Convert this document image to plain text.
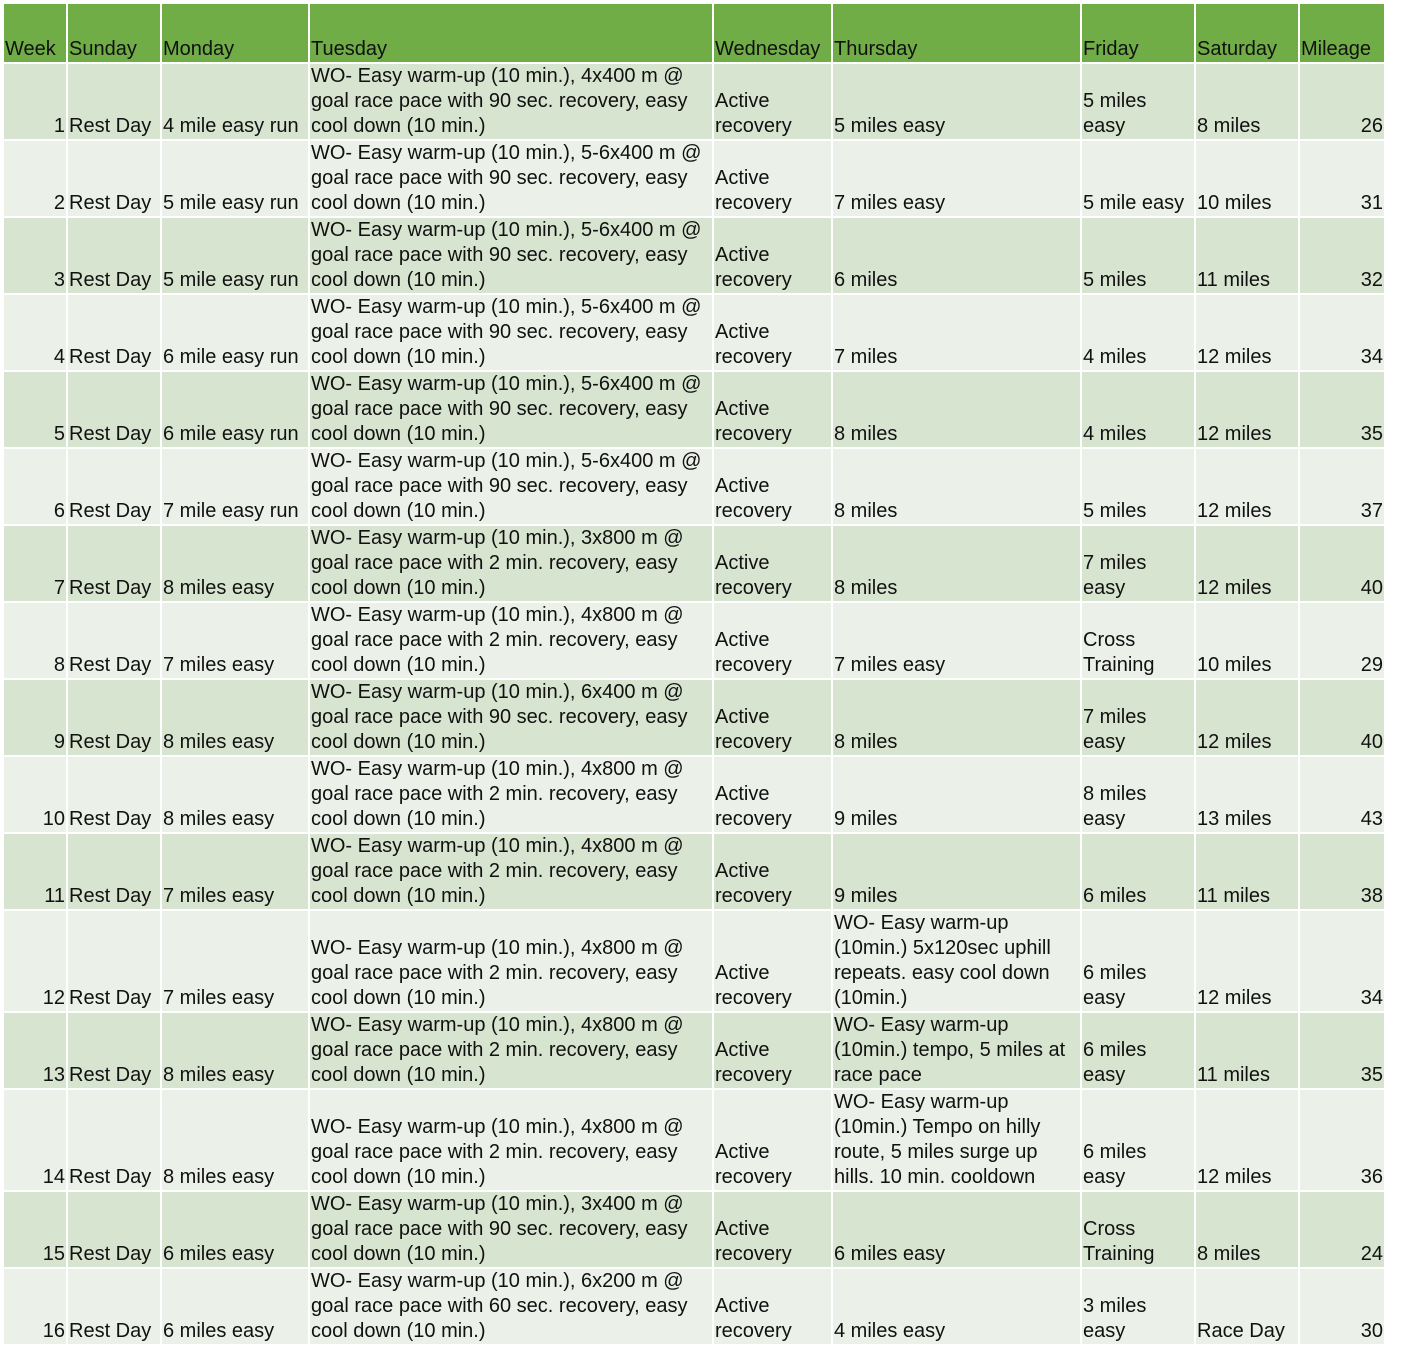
Week	Sunday	Monday	Tuesday	Wednesday	Thursday	Friday	Saturday	Mileage
1	Rest Day	4 mile easy run	WO- Easy warm-up (10 min.), 4x400 m @ goal race pace with 90 sec. recovery, easy cool down (10 min.)	Active recovery	5 miles easy	5 miles easy	8 miles	26
2	Rest Day	5 mile easy run	WO- Easy warm-up (10 min.), 5-6x400 m @ goal race pace with 90 sec. recovery, easy cool down (10 min.)	Active recovery	7 miles easy	5 mile easy	10 miles	31
3	Rest Day	5 mile easy run	WO- Easy warm-up (10 min.), 5-6x400 m @ goal race pace with 90 sec. recovery, easy cool down (10 min.)	Active recovery	6 miles	5 miles	11 miles	32
4	Rest Day	6 mile easy run	WO- Easy warm-up (10 min.), 5-6x400 m @ goal race pace with 90 sec. recovery, easy cool down (10 min.)	Active recovery	7 miles	4 miles	12 miles	34
5	Rest Day	6 mile easy run	WO- Easy warm-up (10 min.), 5-6x400 m @ goal race pace with 90 sec. recovery, easy cool down (10 min.)	Active recovery	8 miles	4 miles	12 miles	35
6	Rest Day	7 mile easy run	WO- Easy warm-up (10 min.), 5-6x400 m @ goal race pace with 90 sec. recovery, easy cool down (10 min.)	Active recovery	8 miles	5 miles	12 miles	37
7	Rest Day	8 miles easy	WO- Easy warm-up (10 min.), 3x800 m @ goal race pace with 2 min. recovery, easy cool down (10 min.)	Active recovery	8 miles	7 miles easy	12 miles	40
8	Rest Day	7 miles easy	WO- Easy warm-up (10 min.), 4x800 m @ goal race pace with 2 min. recovery, easy cool down (10 min.)	Active recovery	7 miles easy	Cross Training	10 miles	29
9	Rest Day	8 miles easy	WO- Easy warm-up (10 min.), 6x400 m @ goal race pace with 90 sec. recovery, easy cool down (10 min.)	Active recovery	8 miles	7 miles easy	12 miles	40
10	Rest Day	8 miles easy	WO- Easy warm-up (10 min.), 4x800 m @ goal race pace with 2 min. recovery, easy cool down (10 min.)	Active recovery	9 miles	8 miles easy	13 miles	43
11	Rest Day	7 miles easy	WO- Easy warm-up (10 min.), 4x800 m @ goal race pace with 2 min. recovery, easy cool down (10 min.)	Active recovery	9 miles	6 miles	11 miles	38
12	Rest Day	7 miles easy	WO- Easy warm-up (10 min.), 4x800 m @ goal race pace with 2 min. recovery, easy cool down (10 min.)	Active recovery	WO- Easy warm-up (10min.) 5x120sec uphill repeats. easy cool down (10min.)	6 miles easy	12 miles	34
13	Rest Day	8 miles easy	WO- Easy warm-up (10 min.), 4x800 m @ goal race pace with 2 min. recovery, easy cool down (10 min.)	Active recovery	WO- Easy warm-up (10min.) tempo, 5 miles at race pace	6 miles easy	11 miles	35
14	Rest Day	8 miles easy	WO- Easy warm-up (10 min.), 4x800 m @ goal race pace with 2 min. recovery, easy cool down (10 min.)	Active recovery	WO- Easy warm-up (10min.) Tempo on hilly route, 5 miles surge up hills. 10 min. cooldown	6 miles easy	12 miles	36
15	Rest Day	6 miles easy	WO- Easy warm-up (10 min.), 3x400 m @ goal race pace with 90 sec. recovery, easy cool down (10 min.)	Active recovery	6 miles easy	Cross Training	8 miles	24
16	Rest Day	6 miles easy	WO- Easy warm-up (10 min.), 6x200 m @ goal race pace with 60 sec. recovery, easy cool down (10 min.)	Active recovery	4 miles easy	3 miles easy	Race Day	30
